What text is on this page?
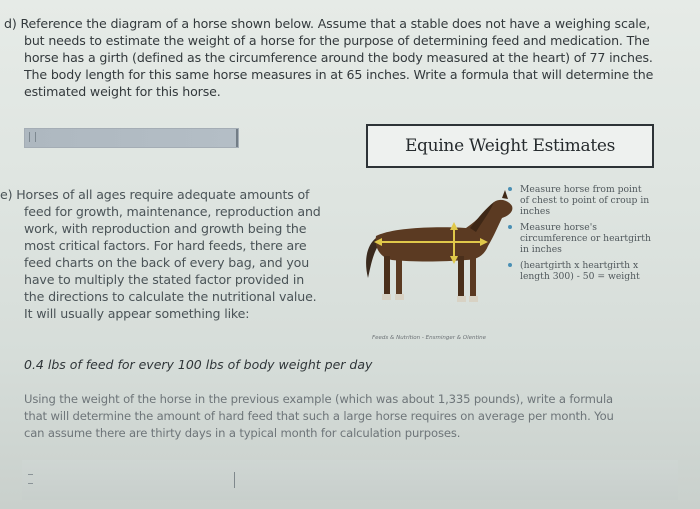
d) Reference the diagram of a horse shown below. Assume that a stable does not have a weighing scale,
but needs to estimate the weight of a horse for the purpose of determining feed and medication. The
horse has a girth (defined as the circumference around the body measured at the heart) of 77 inches.
The body length for this same horse measures in at 65 inches. Write a formula that will determine the
estimated weight for this horse.
Equine Weight Estimates
Feeds & Nutrition - Ensminger & Olentine
Measure horse from point
of chest to point of croup in
inches
Measure horse's
circumference or heartgirth
in inches
(heartgirth x heartgirth x
length 300) - 50 = weight
e) Horses of all ages require adequate amounts of
feed for growth, maintenance, reproduction and
work, with reproduction and growth being the
most critical factors. For hard feeds, there are
feed charts on the back of every bag, and you
have to multiply the stated factor provided in
the directions to calculate the nutritional value.
It will usually appear something like:
0.4 lbs of feed for every 100 lbs of body weight per day
Using the weight of the horse in the previous example (which was about 1,335 pounds), write a formula
that will determine the amount of hard feed that such a large horse requires on average per month. You
can assume there are thirty days in a typical month for calculation purposes.
